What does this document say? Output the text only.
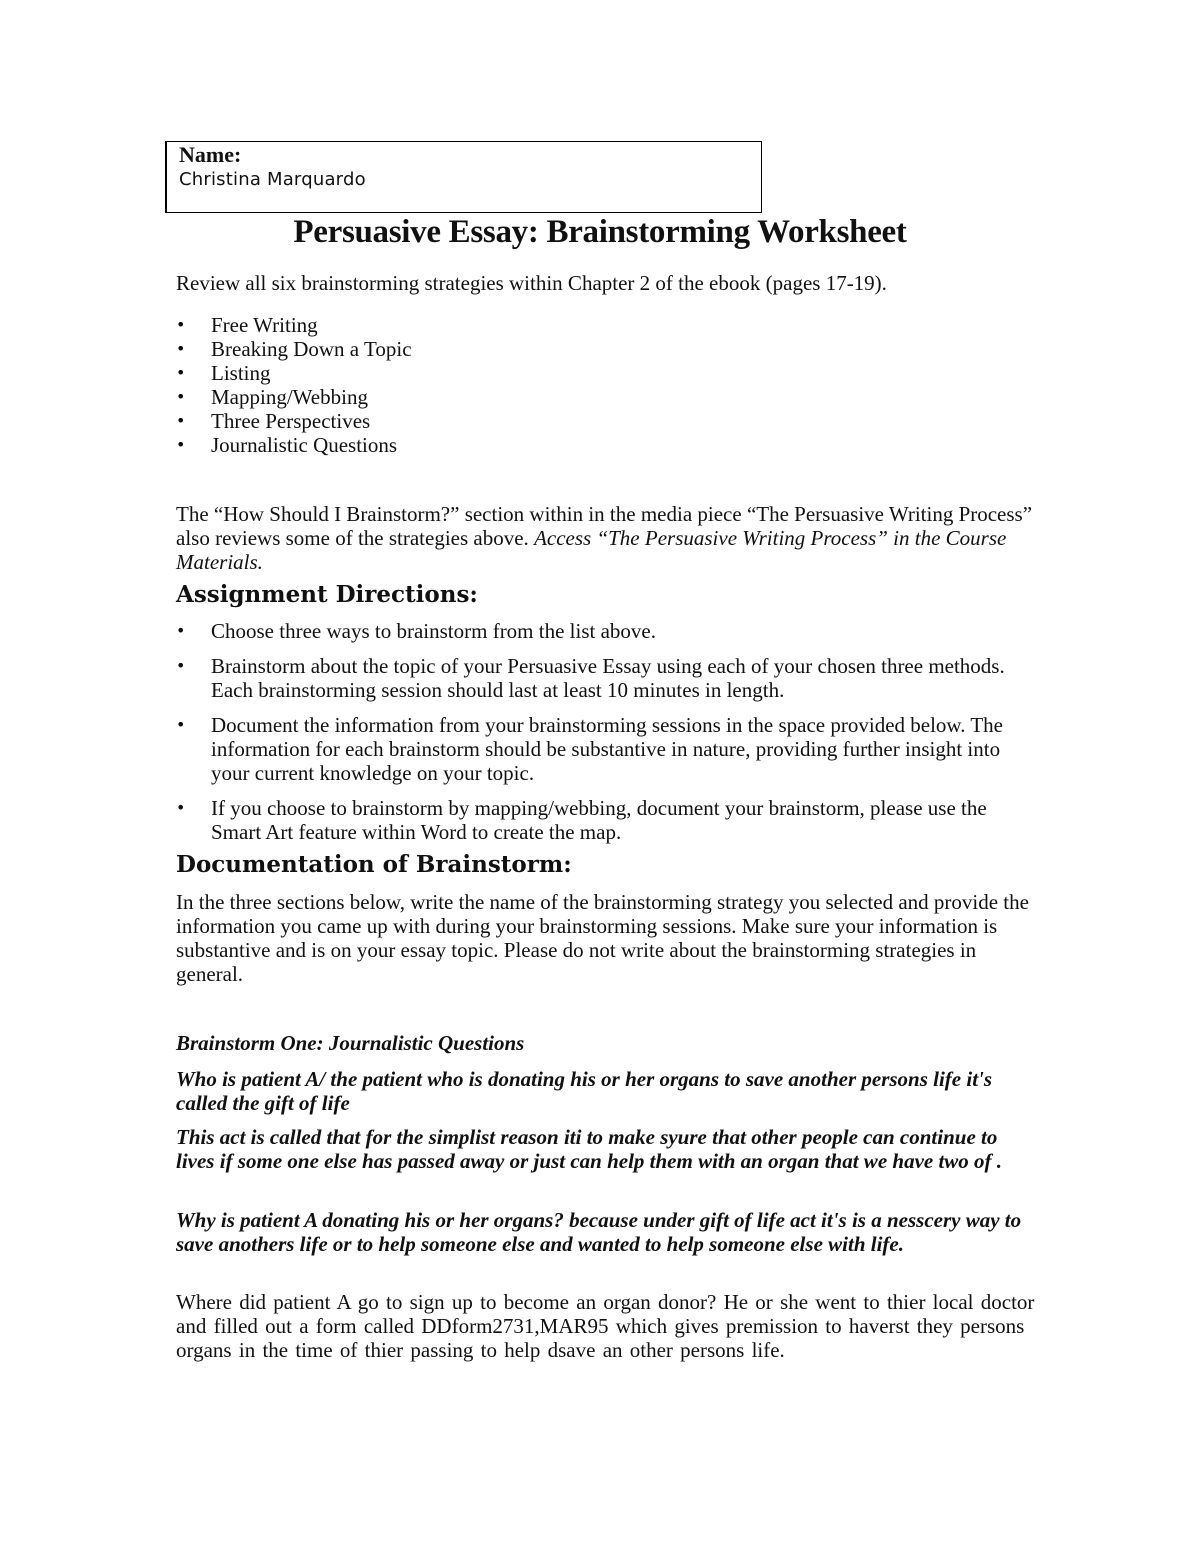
Name:
Christina Marquardo
Persuasive Essay: Brainstorming Worksheet
Review all six brainstorming strategies within Chapter 2 of the ebook (pages 17-19).
• Free Writing
• Breaking Down a Topic
• Listing
• Mapping/Webbing
• Three Perspectives
• Journalistic Questions
The “How Should I Brainstorm?” section within in the media piece “The Persuasive Writing Process” also reviews some of the strategies above. Access “The Persuasive Writing Process” in the Course Materials.
Assignment Directions:
• Choose three ways to brainstorm from the list above.
• Brainstorm about the topic of your Persuasive Essay using each of your chosen three methods. Each brainstorming session should last at least 10 minutes in length.
• Document the information from your brainstorming sessions in the space provided below. The information for each brainstorm should be substantive in nature, providing further insight into your current knowledge on your topic.
• If you choose to brainstorm by mapping/webbing, document your brainstorm, please use the Smart Art feature within Word to create the map.
Documentation of Brainstorm:
In the three sections below, write the name of the brainstorming strategy you selected and provide the information you came up with during your brainstorming sessions. Make sure your information is substantive and is on your essay topic. Please do not write about the brainstorming strategies in general.
Brainstorm One: Journalistic Questions
Who is patient A/ the patient who is donating his or her organs to save another persons life it's called the gift of life
This act is called that for the simplist reason iti to make syure that other people can continue to lives if some one else has passed away or just can help them with an organ that we have two of .
Why is patient A donating his or her organs? because under gift of life act it's is a nesscery way to save anothers life or to help someone else and wanted to help someone else with life.
Where did patient A go to sign up to become an organ donor? He or she went to thier local doctor and filled out a form called DDform2731,MAR95 which gives premission to haverst they persons organs in the time of thier passing to help dsave an other persons life.
